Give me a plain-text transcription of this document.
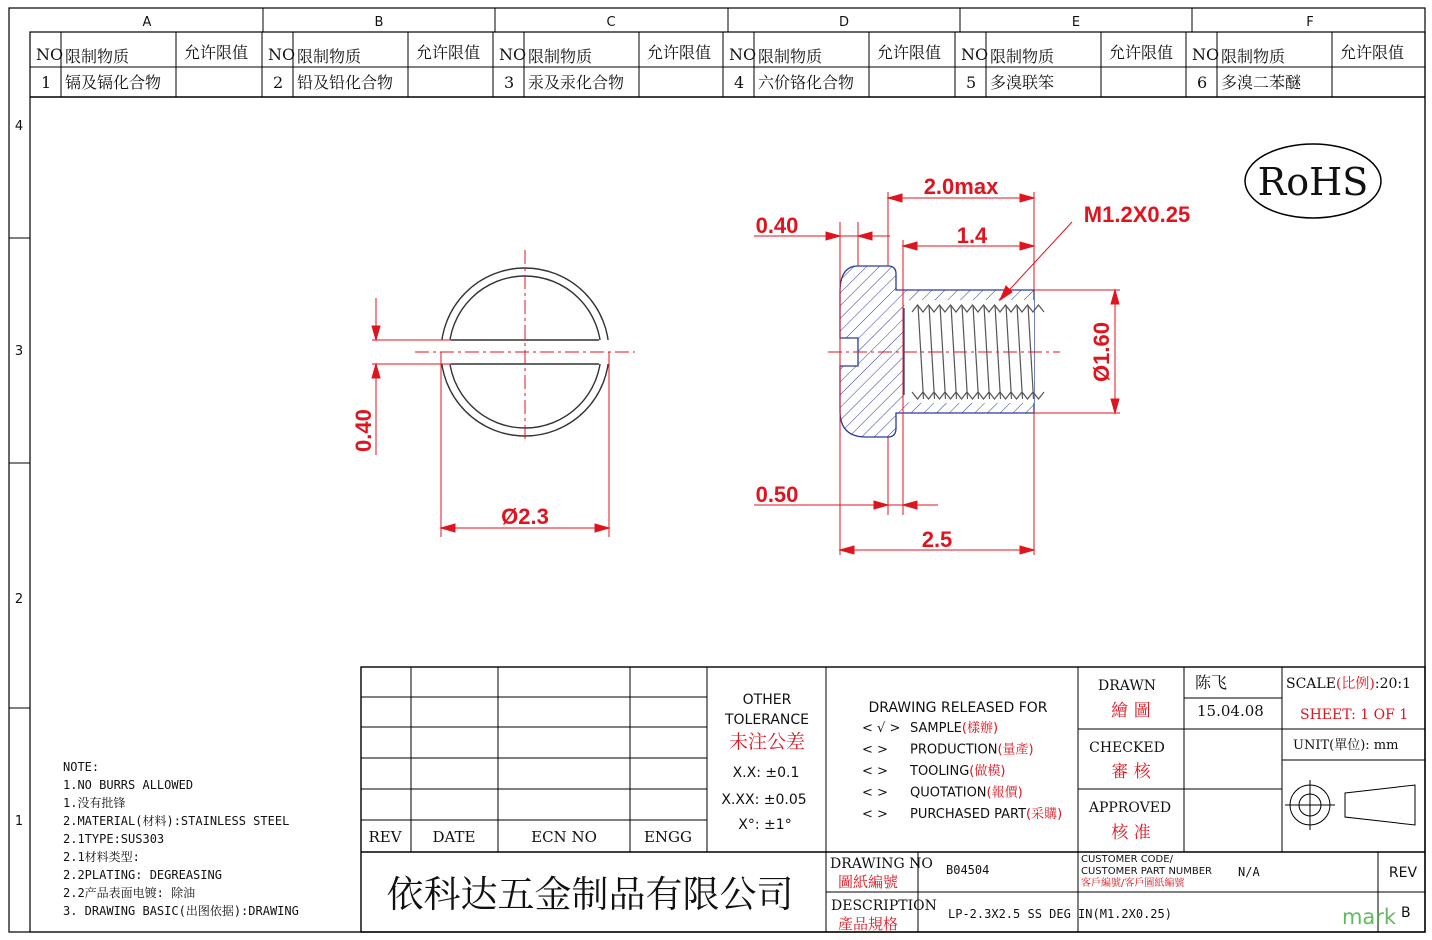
A	B	C	D	E	F
4
3
2
1
NO 限制物质	允许限值
1 镉及镉化合物
NO 限制物质	允许限值
2 铅及铅化合物
NO 限制物质	允许限值
3 汞及汞化合物
NO 限制物质	允许限值
4 六价铬化合物
NO 限制物质	允许限值
5 多溴联笨
NO 限制物质	允许限值
6 多溴二苯醚
RoHS
0.40
Ø2.3
2.0max
0.40	1.4
M1.2X0.25
Ø1.60
0.50
2.5
NOTE:
1.NO BURRS ALLOWED
1.没有批锋
2.MATERIAL(材料):STAINLESS STEEL
2.1TYPE:SUS303
2.1材料类型:
2.2PLATING: DEGREASING
2.2产品表面电镀: 除油
3. DRAWING BASIC(出图依据):DRAWING
REV DATE	ECN NO	ENGG
OTHER
TOLERANCE
未注公差
X.X: ±0.1
X.XX: ±0.05
X°: ±1°
DRAWING RELEASED FOR
< √ > SAMPLE(樣辦)
< > PRODUCTION(量產)
< > TOOLING(做模)
< > QUOTATION(報價)
< > PURCHASED PART(采購)
DRAWN
繪 圖
CHECKED
審 核
APPROVED
核 准
陈飞
15.04.08
SCALE(比例):20:1
SHEET: 1 OF 1
UNIT(單位): mm
依科达五金制品有限公司
DRAWING NO
圖紙編號
B04504
CUSTOMER CODE/
CUSTOMER PART NUMBER
客戶編號/客戶圖紙編號
N/A	REV
B
mark
DESCRIPTION
產品規格
LP-2.3X2.5 SS DEG IN(M1.2X0.25)
